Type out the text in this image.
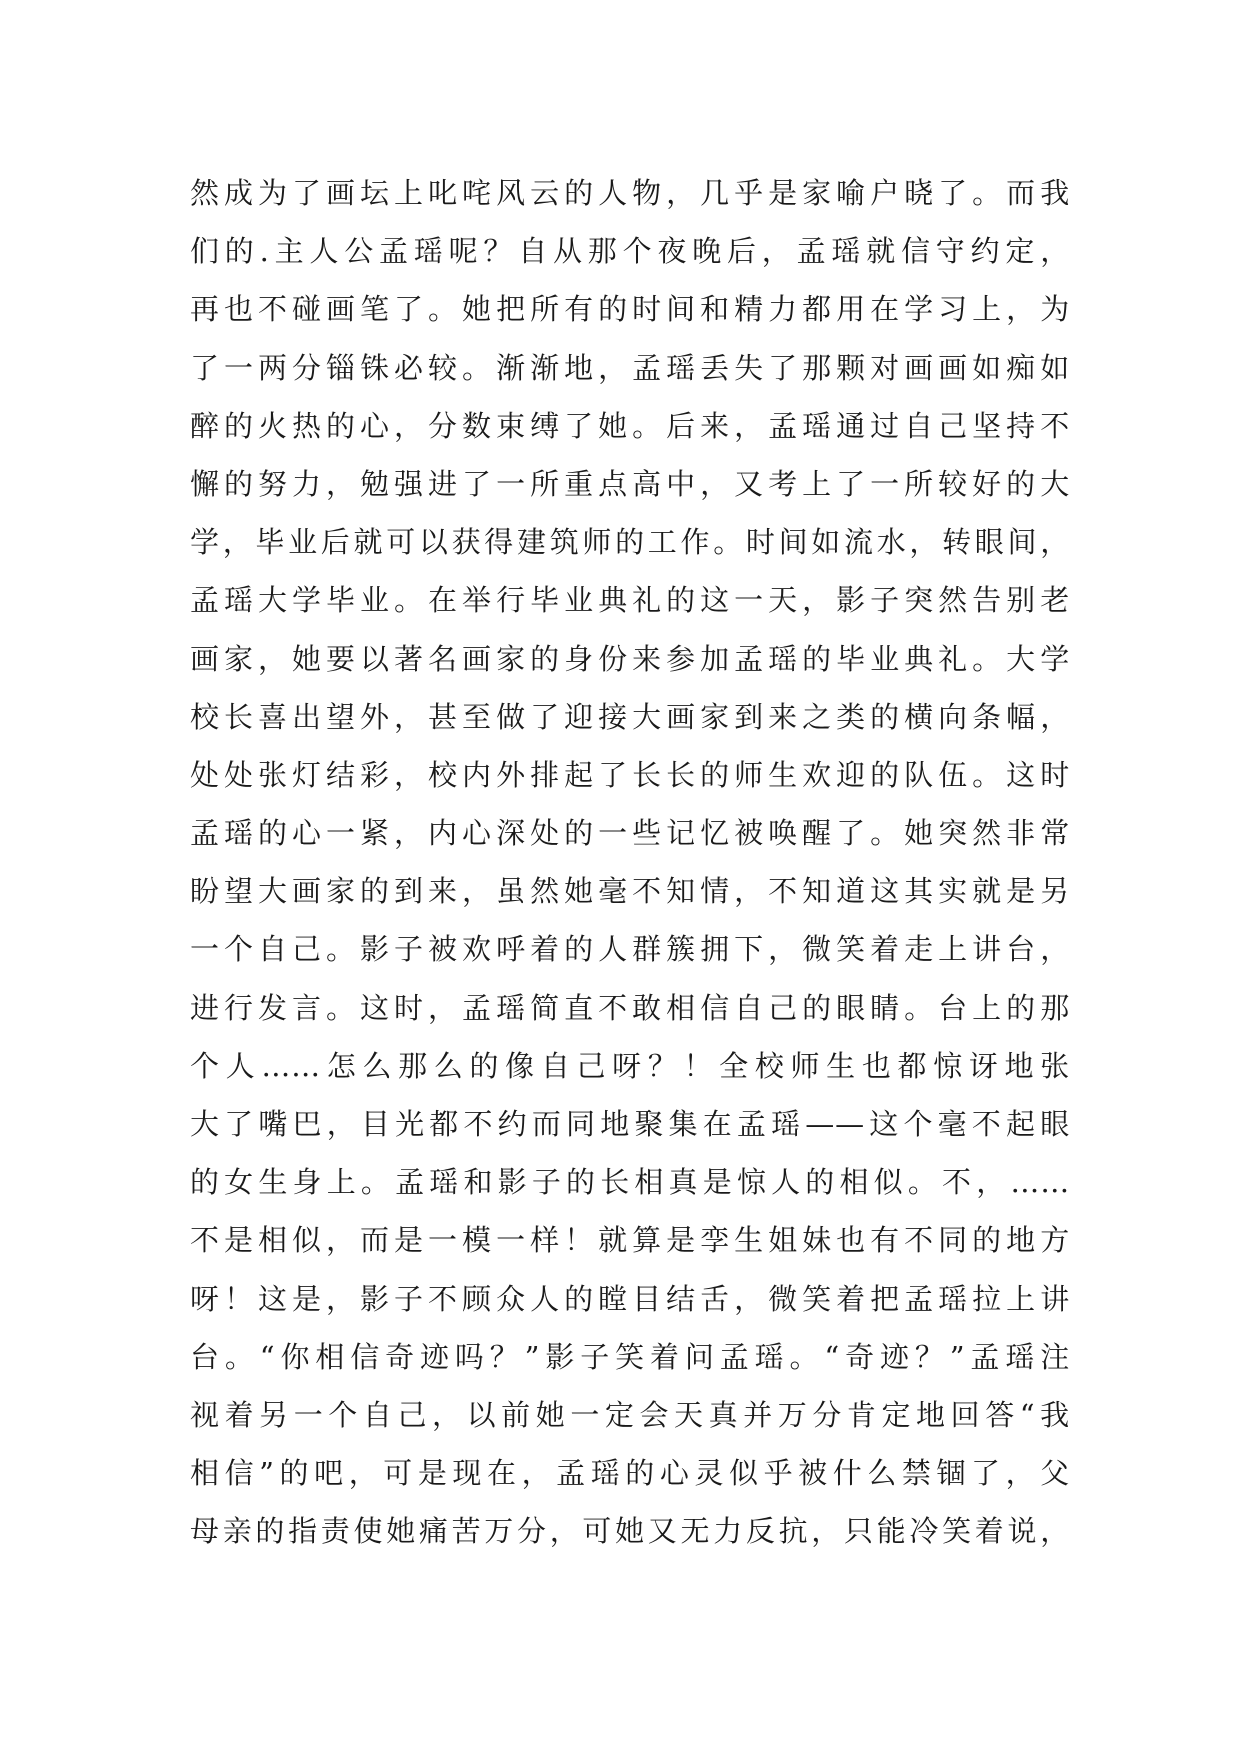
然成为了画坛上叱咤风云的人物，几乎是家喻户晓了。而我
们的.主人公孟瑶呢？自从那个夜晚后，孟瑶就信守约定，
再也不碰画笔了。她把所有的时间和精力都用在学习上，为
了一两分锱铢必较。渐渐地，孟瑶丢失了那颗对画画如痴如
醉的火热的心，分数束缚了她。后来，孟瑶通过自己坚持不
懈的努力，勉强进了一所重点高中，又考上了一所较好的大
学，毕业后就可以获得建筑师的工作。时间如流水，转眼间，
孟瑶大学毕业。在举行毕业典礼的这一天，影子突然告别老
画家，她要以著名画家的身份来参加孟瑶的毕业典礼。大学
校长喜出望外，甚至做了迎接大画家到来之类的横向条幅，
处处张灯结彩，校内外排起了长长的师生欢迎的队伍。这时
孟瑶的心一紧，内心深处的一些记忆被唤醒了。她突然非常
盼望大画家的到来，虽然她毫不知情，不知道这其实就是另
一个自己。影子被欢呼着的人群簇拥下，微笑着走上讲台，
进行发言。这时，孟瑶简直不敢相信自己的眼睛。台上的那
个人……怎么那么的像自己呀？！全校师生也都惊讶地张
大了嘴巴，目光都不约而同地聚集在孟瑶——这个毫不起眼
的女生身上。孟瑶和影子的长相真是惊人的相似。不，……
不是相似，而是一模一样！就算是孪生姐妹也有不同的地方
呀！这是，影子不顾众人的瞠目结舌，微笑着把孟瑶拉上讲
台。“你相信奇迹吗？”影子笑着问孟瑶。“奇迹？”孟瑶注
视着另一个自己，以前她一定会天真并万分肯定地回答“我
相信”的吧，可是现在，孟瑶的心灵似乎被什么禁锢了，父
母亲的指责使她痛苦万分，可她又无力反抗，只能冷笑着说，
